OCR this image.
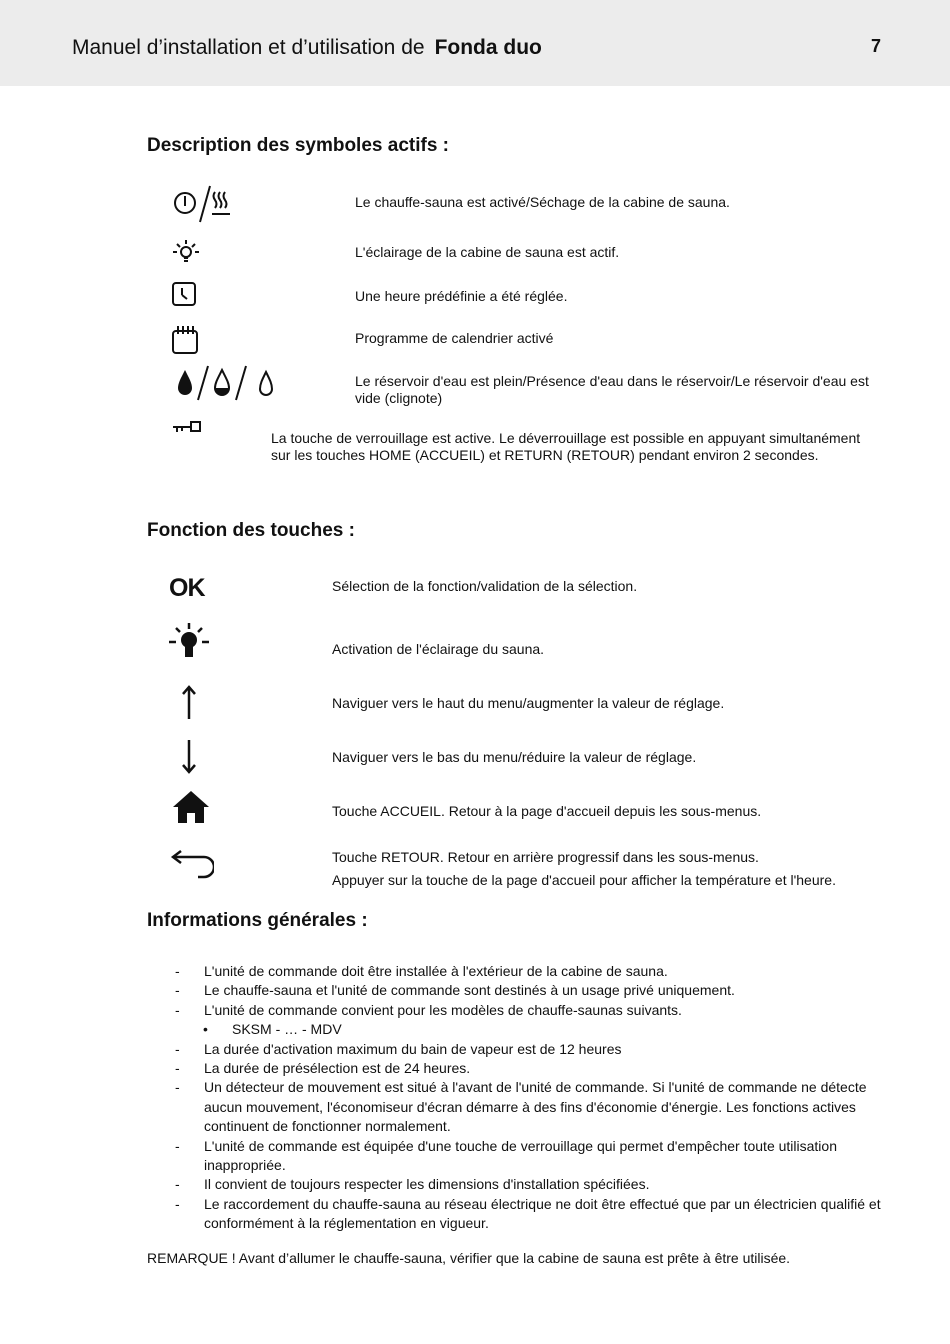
Manuel d’installation et d’utilisation de Fonda duo	7
Description des symboles actifs :
Le chauffe-sauna est activé/Séchage de la cabine de sauna.
L'éclairage de la cabine de sauna est actif.
Une heure prédéfinie a été réglée.
Programme de calendrier activé
Le réservoir d'eau est plein/Présence d'eau dans le réservoir/Le réservoir d'eau est vide (clignote)
La touche de verrouillage est active. Le déverrouillage est possible en appuyant simultanément sur les touches HOME (ACCUEIL) et RETURN (RETOUR) pendant environ 2 secondes.
Fonction des touches :
OK	Sélection de la fonction/validation de la sélection.
Activation de l'éclairage du sauna.
Naviguer vers le haut du menu/augmenter la valeur de réglage.
Naviguer vers le bas du menu/réduire la valeur de réglage.
Touche ACCUEIL. Retour à la page d'accueil depuis les sous-menus.
Touche RETOUR. Retour en arrière progressif dans les sous-menus.
Appuyer sur la touche de la page d'accueil pour afficher la température et l'heure.
Informations générales :
- L'unité de commande doit être installée à l'extérieur de la cabine de sauna.
- Le chauffe-sauna et l'unité de commande sont destinés à un usage privé uniquement.
- L'unité de commande convient pour les modèles de chauffe-saunas suivants.
• SKSM - … - MDV
- La durée d'activation maximum du bain de vapeur est de 12 heures
- La durée de présélection est de 24 heures.
- Un détecteur de mouvement est situé à l'avant de l'unité de commande. Si l'unité de commande ne détecte aucun mouvement, l'économiseur d'écran démarre à des fins d'économie d'énergie. Les fonctions actives continuent de fonctionner normalement.
- L'unité de commande est équipée d'une touche de verrouillage qui permet d'empêcher toute utilisation inappropriée.
- Il convient de toujours respecter les dimensions d'installation spécifiées.
- Le raccordement du chauffe-sauna au réseau électrique ne doit être effectué que par un électricien qualifié et conformément à la réglementation en vigueur.
REMARQUE ! Avant d’allumer le chauffe-sauna, vérifier que la cabine de sauna est prête à être utilisée.
